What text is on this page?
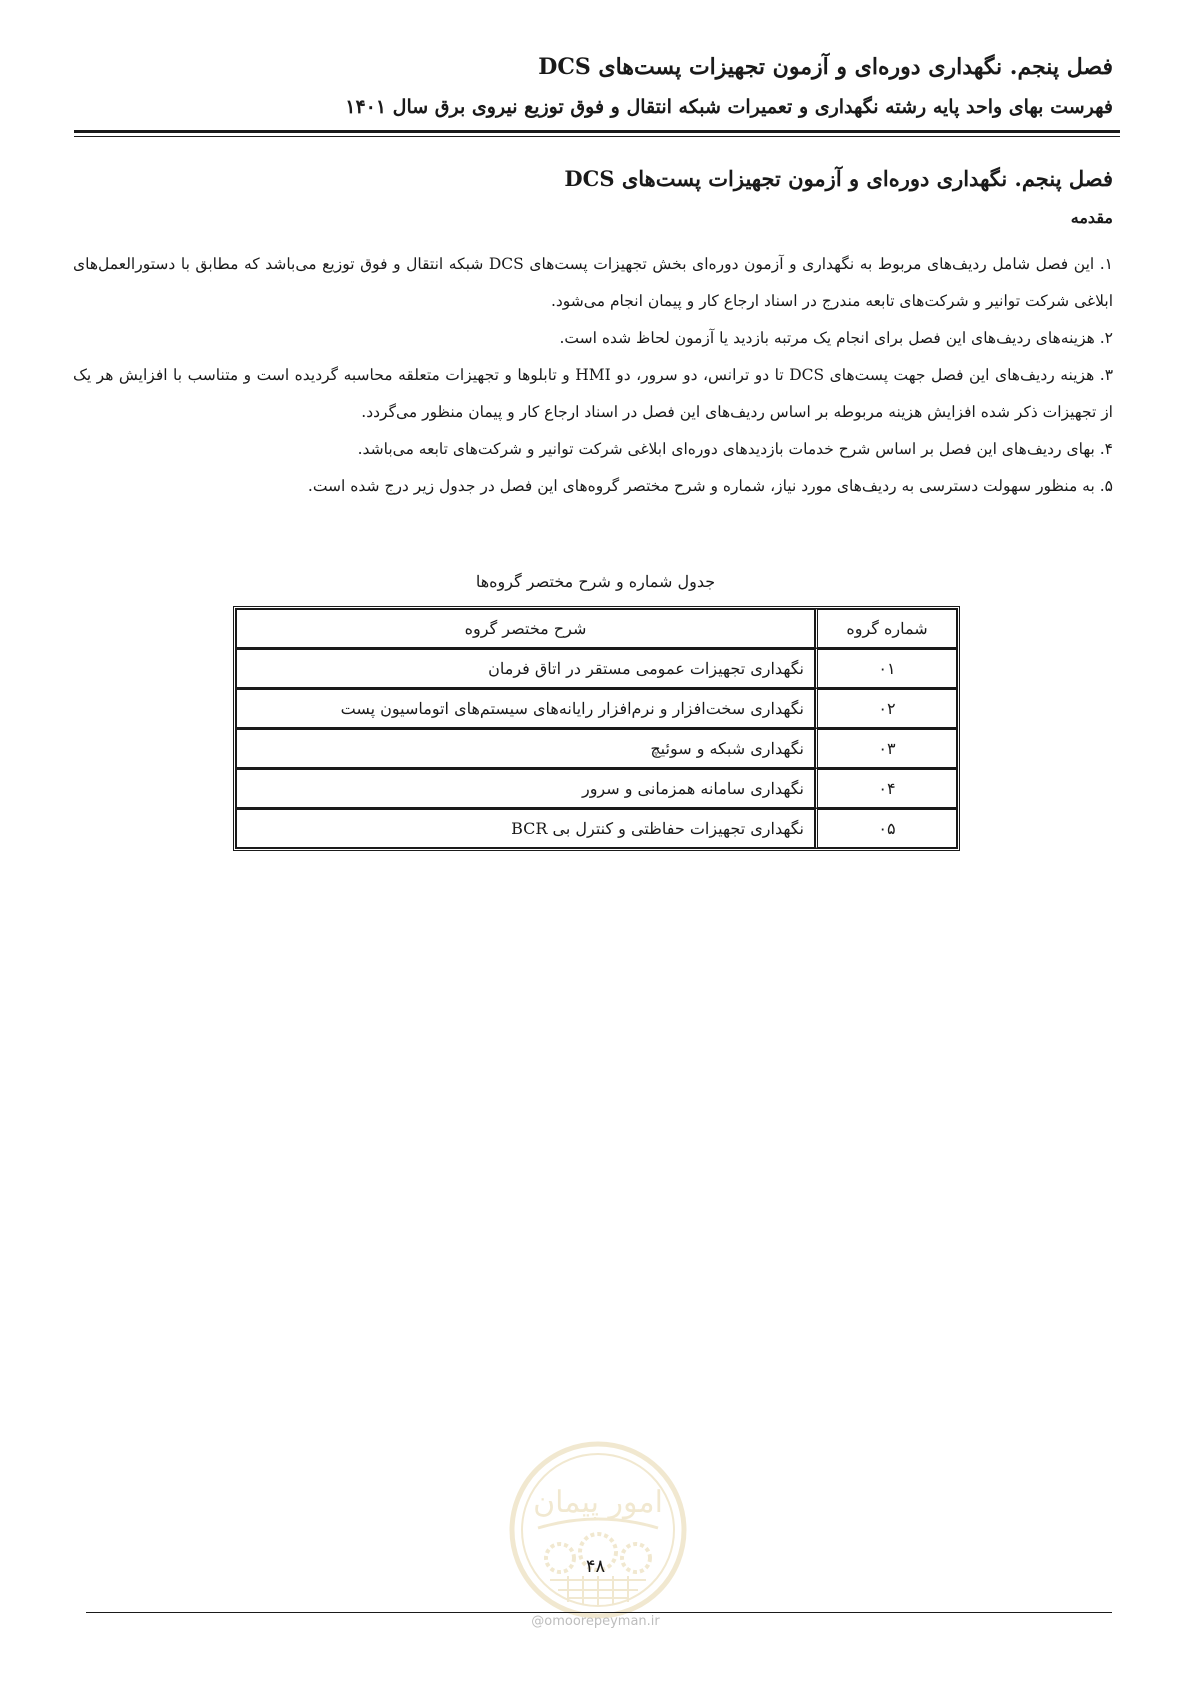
فصل پنجم. نگهداری دوره‌ای و آزمون تجهیزات پست‌های DCS
فهرست بهای واحد پایه رشته نگهداری و تعمیرات شبکه انتقال و فوق توزیع نیروی برق سال ۱۴۰۱
فصل پنجم. نگهداری دوره‌ای و آزمون تجهیزات پست‌های DCS
مقدمه

۱. این فصل شامل ردیف‌های مربوط به نگهداری و آزمون دوره‌ای بخش تجهیزات پست‌های DCS شبکه انتقال و فوق توزیع می‌باشد که مطابق با دستورالعمل‌های ابلاغی شرکت توانیر و شرکت‌های تابعه مندرج در اسناد ارجاع کار و پیمان انجام می‌شود.

۲. هزینه‌های ردیف‌های این فصل برای انجام یک مرتبه بازدید یا آزمون لحاظ شده است.

۳. هزینه ردیف‌های این فصل جهت پست‌های DCS تا دو ترانس، دو سرور، دو HMI و تابلوها و تجهیزات متعلقه محاسبه گردیده است و متناسب با افزایش هر یک از تجهیزات ذکر شده افزایش هزینه مربوطه بر اساس ردیف‌های این فصل در اسناد ارجاع کار و پیمان منظور می‌گردد.

۴. بهای ردیف‌های این فصل بر اساس شرح خدمات بازدیدهای دوره‌ای ابلاغی شرکت توانیر و شرکت‌های تابعه می‌باشد.

۵. به منظور سهولت دسترسی به ردیف‌های مورد نیاز، شماره و شرح مختصر گروه‌های این فصل در جدول زیر درج شده است.

جدول شماره و شرح مختصر گروه‌ها
شماره گروه	شرح مختصر گروه
۰۱	نگهداری تجهیزات عمومی مستقر در اتاق فرمان
۰۲	نگهداری سخت‌افزار و نرم‌افزار رایانه‌های سیستم‌های اتوماسیون پست
۰۳	نگهداری شبکه و سوئیچ
۰۴	نگهداری سامانه همزمانی و سرور
۰۵	نگهداری تجهیزات حفاظتی و کنترل بی BCR
امور پیمان
۴۸
@omoorepeyman.ir
